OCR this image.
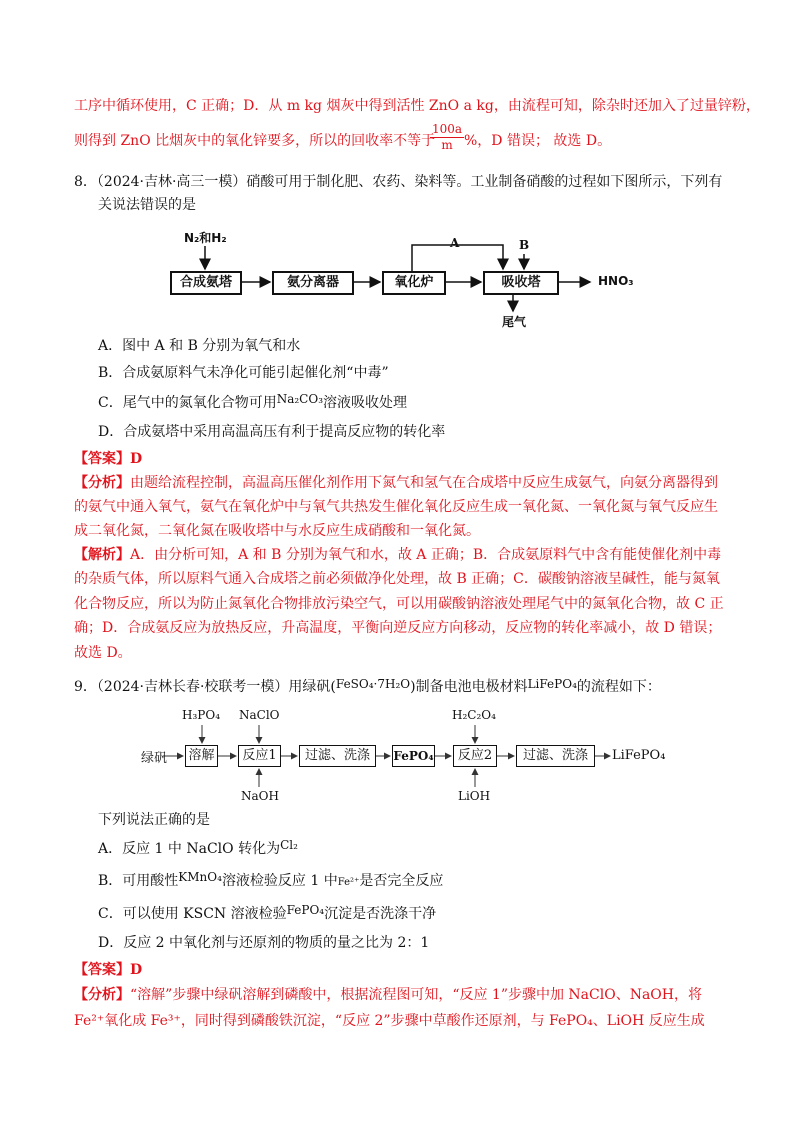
工序中循环使用，C 正确；D．从 m kg 烟灰中得到活性 ZnO a kg，由流程可知，除杂时还加入了过量锌粉，
则得到 ZnO 比烟灰中的氧化锌要多，所以的回收率不等于
$\frac{100a}{m}$ %，D 错误； 故选 D。
8．（2024·吉林·高三一模）硝酸可用于制化肥、农药、染料等。工业制备硝酸的过程如下图所示，下列有
关说法错误的是
N₂和H₂
合成氨塔	氨分离器	氧化炉	吸收塔
A	B
HNO₃
尾气
A．图中 A 和 B 分别为氧气和水
B．合成氨原料气未净化可能引起催化剂“中毒”
C．尾气中的氮氧化合物可用Na₂CO₃溶液吸收处理
D．合成氨塔中采用高温高压有利于提高反应物的转化率
【答案】D
【分析】由题给流程控制，高温高压催化剂作用下氮气和氢气在合成塔中反应生成氨气，向氨分离器得到
的氨气中通入氧气，氨气在氧化炉中与氧气共热发生催化氧化反应生成一氧化氮、一氧化氮与氧气反应生
成二氧化氮，二氧化氮在吸收塔中与水反应生成硝酸和一氧化氮。
【解析】A．由分析可知，A 和 B 分别为氧气和水，故 A 正确；B．合成氨原料气中含有能使催化剂中毒
的杂质气体，所以原料气通入合成塔之前必须做净化处理，故 B 正确；C．碳酸钠溶液呈碱性，能与氮氧
化合物反应，所以为防止氮氧化合物排放污染空气，可以用碳酸钠溶液处理尾气中的氮氧化合物，故 C 正
确；D．合成氨反应为放热反应，升高温度，平衡向逆反应方向移动，反应物的转化率减小，故 D 错误；
故选 D。
9．（2024·吉林长春·校联考一模）用绿矾(FeSO₄·7H₂O)制备电池电极材料LiFePO₄的流程如下：
绿矾 溶解	反应1	过滤、洗涤	FePO₄	反应2	过滤、洗涤	LiFePO₄
H₃PO₄ NaClO
NaOH
H₂C₂O₄
LiOH
下列说法正确的是
A．反应 1 中 NaClO 转化为Cl₂
B．可用酸性KMnO₄溶液检验反应 1 中Fe²⁺是否完全反应
C．可以使用 KSCN 溶液检验FePO₄沉淀是否洗涤干净
D．反应 2 中氧化剂与还原剂的物质的量之比为 2：1
【答案】D
【分析】“溶解”步骤中绿矾溶解到磷酸中，根据流程图可知，“反应 1”步骤中加 NaClO、NaOH，将
Fe²⁺氧化成 Fe³⁺，同时得到磷酸铁沉淀，“反应 2”步骤中草酸作还原剂，与 FePO₄、LiOH 反应生成
